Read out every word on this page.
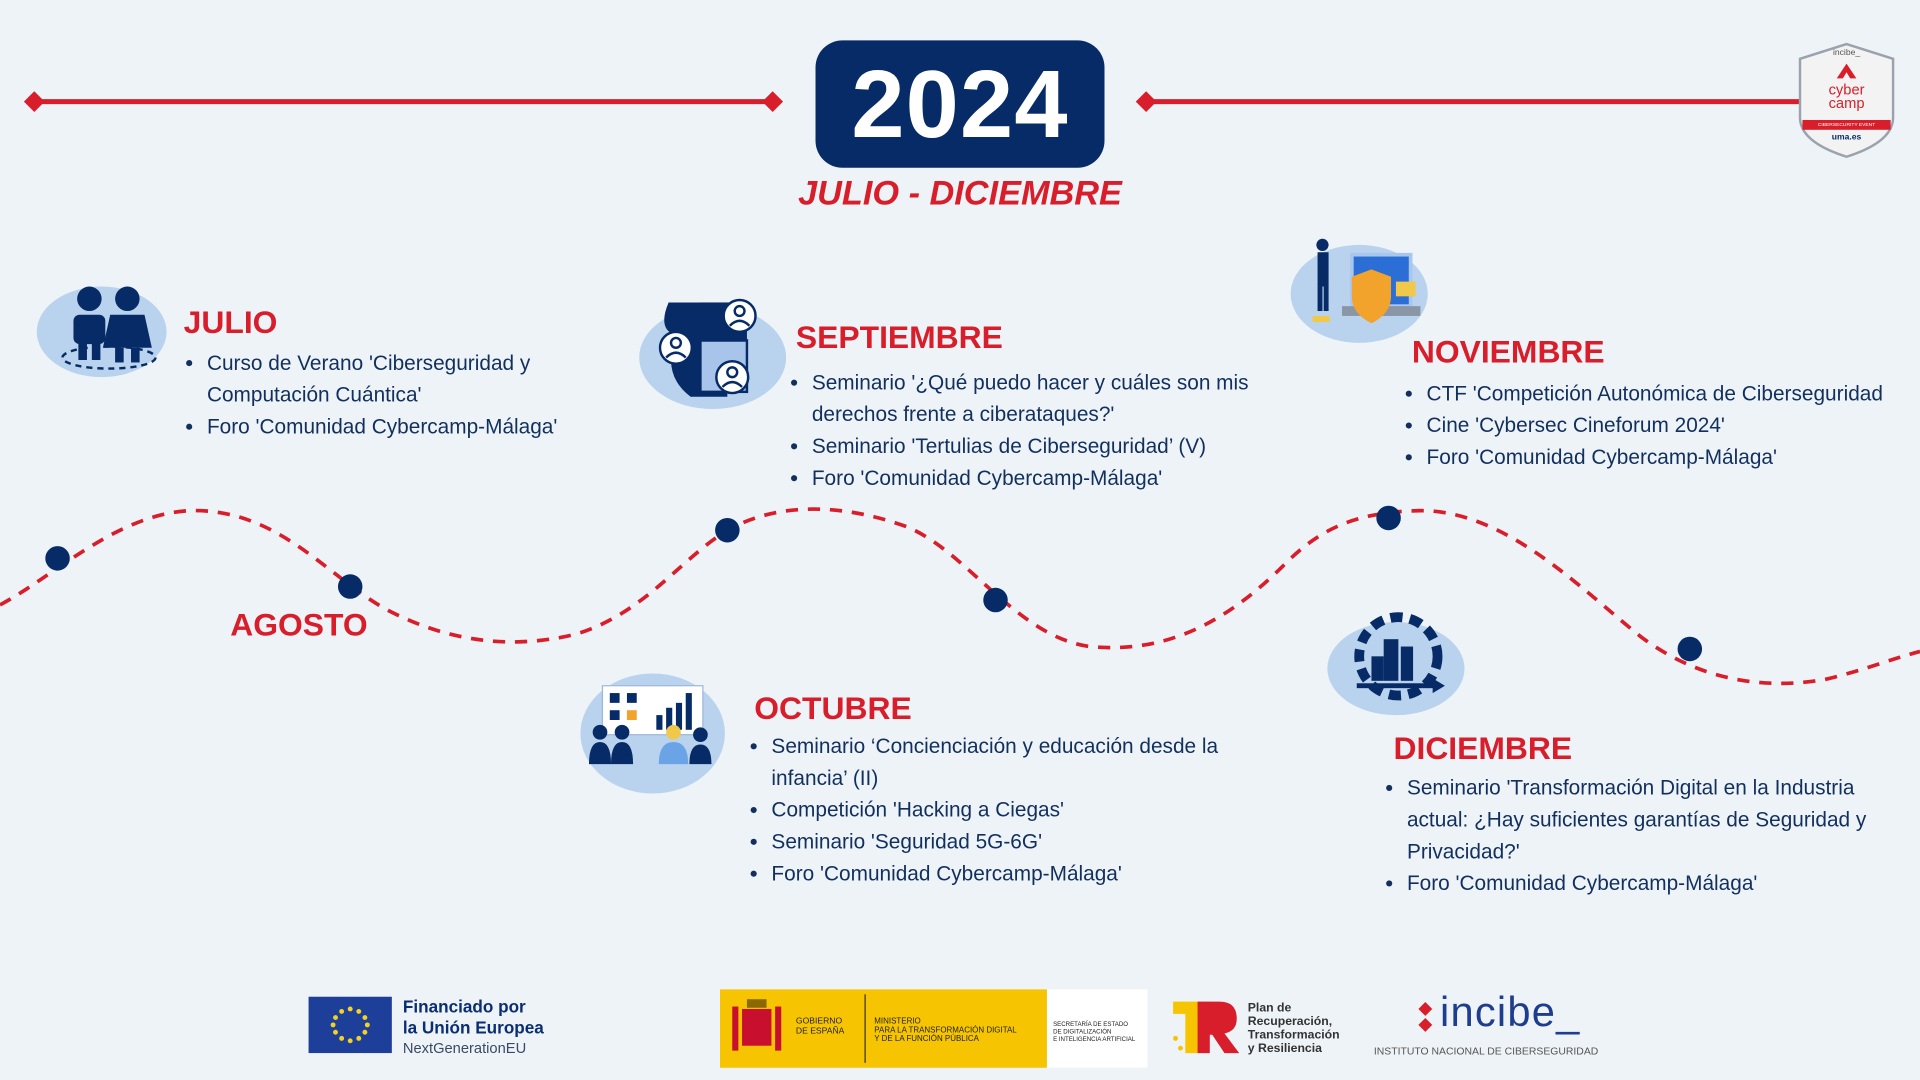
2024
JULIO - DICIEMBRE
incibe_
cyber
camp
CIBERSECURITY EVENT
uma.es
JULIO
• Curso de Verano 'Ciberseguridad y Computación Cuántica'
• Foro 'Comunidad Cybercamp-Málaga'
AGOSTO
SEPTIEMBRE
• Seminario '¿Qué puedo hacer y cuáles son mis derechos frente a ciberataques?'
• Seminario 'Tertulias de Ciberseguridad’ (V)
• Foro 'Comunidad Cybercamp-Málaga'
NOVIEMBRE
• CTF 'Competición Autonómica de Ciberseguridad
• Cine 'Cybersec Cineforum 2024'
• Foro 'Comunidad Cybercamp-Málaga'
OCTUBRE
• Seminario ‘Concienciación y educación desde la infancia’ (II)
• Competición 'Hacking a Ciegas'
• Seminario 'Seguridad 5G-6G'
• Foro 'Comunidad Cybercamp-Málaga'
DICIEMBRE
• Seminario 'Transformación Digital en la Industria actual: ¿Hay suficientes garantías de Seguridad y Privacidad?'
• Foro 'Comunidad Cybercamp-Málaga'
Financiado por
la Unión Europea
NextGenerationEU
GOBIERNO
DE ESPAÑA
MINISTERIO
PARA LA TRANSFORMACIÓN DIGITAL
Y DE LA FUNCIÓN PÚBLICA
SECRETARÍA DE ESTADO
DE DIGITALIZACIÓN
E INTELIGENCIA ARTIFICIAL
Plan de
Recuperación,
Transformación
y Resiliencia
incibe_
INSTITUTO NACIONAL DE CIBERSEGURIDAD
